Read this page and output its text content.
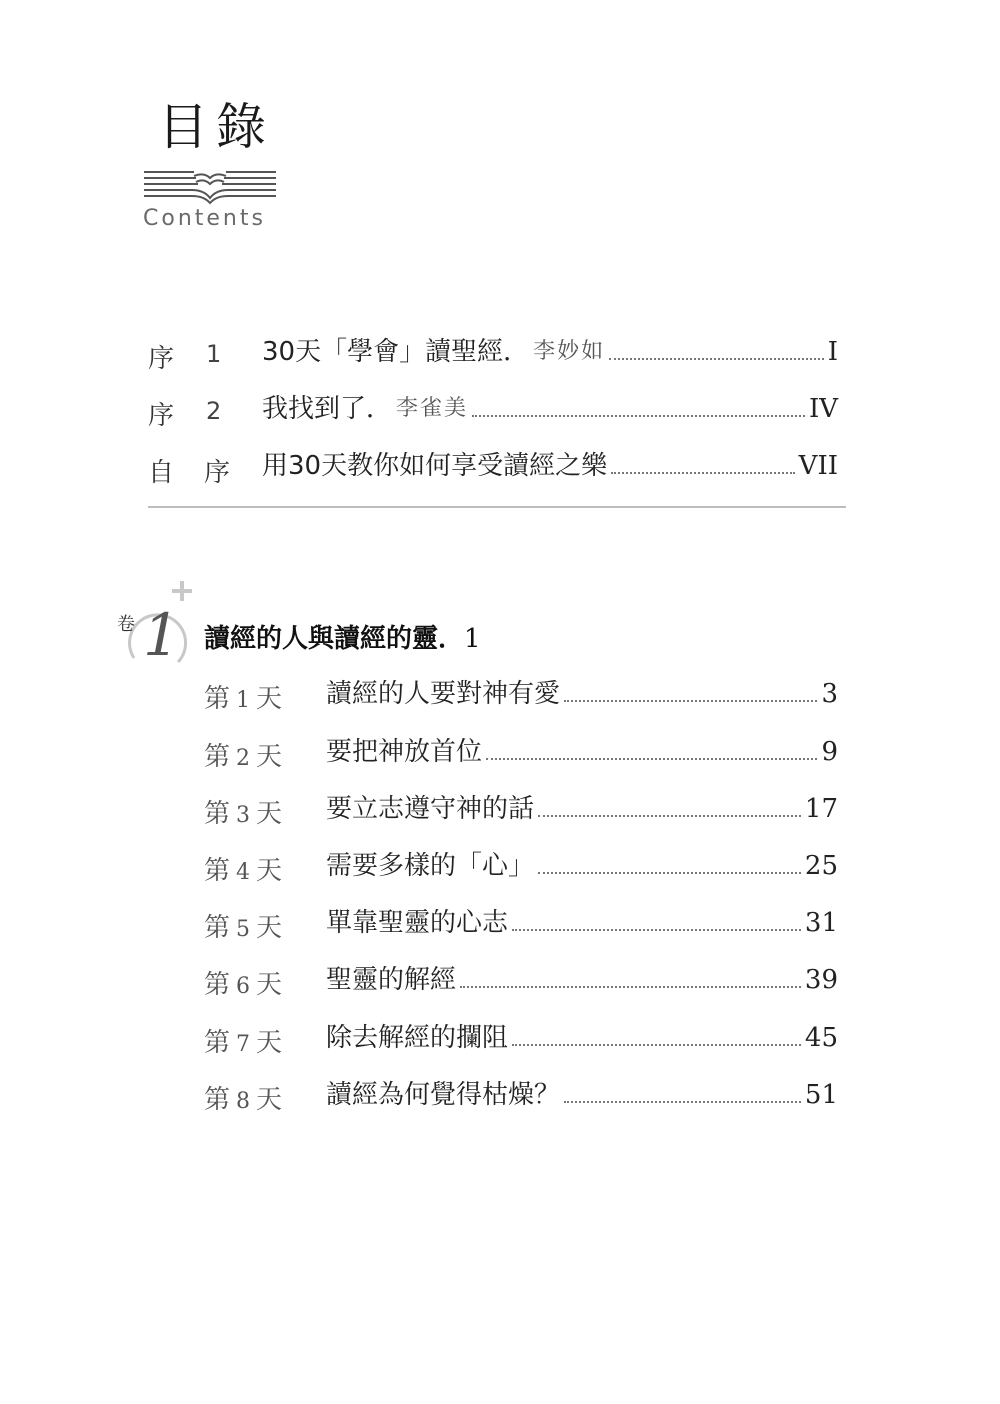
目錄
Contents
序 1 30天「學會」讀聖經． 李妙如	I
序 2 我找到了． 李雀美	IV
自 序 用30天教你如何享受讀經之樂	VII
卷 1 讀經的人與讀經的靈．1
第 1 天 讀經的人要對神有愛	3
第 2 天 要把神放首位	9
第 3 天 要立志遵守神的話	17
第 4 天 需要多樣的「心」	25
第 5 天 單靠聖靈的心志	31
第 6 天 聖靈的解經	39
第 7 天 除去解經的攔阻	45
第 8 天 讀經為何覺得枯燥？	51
